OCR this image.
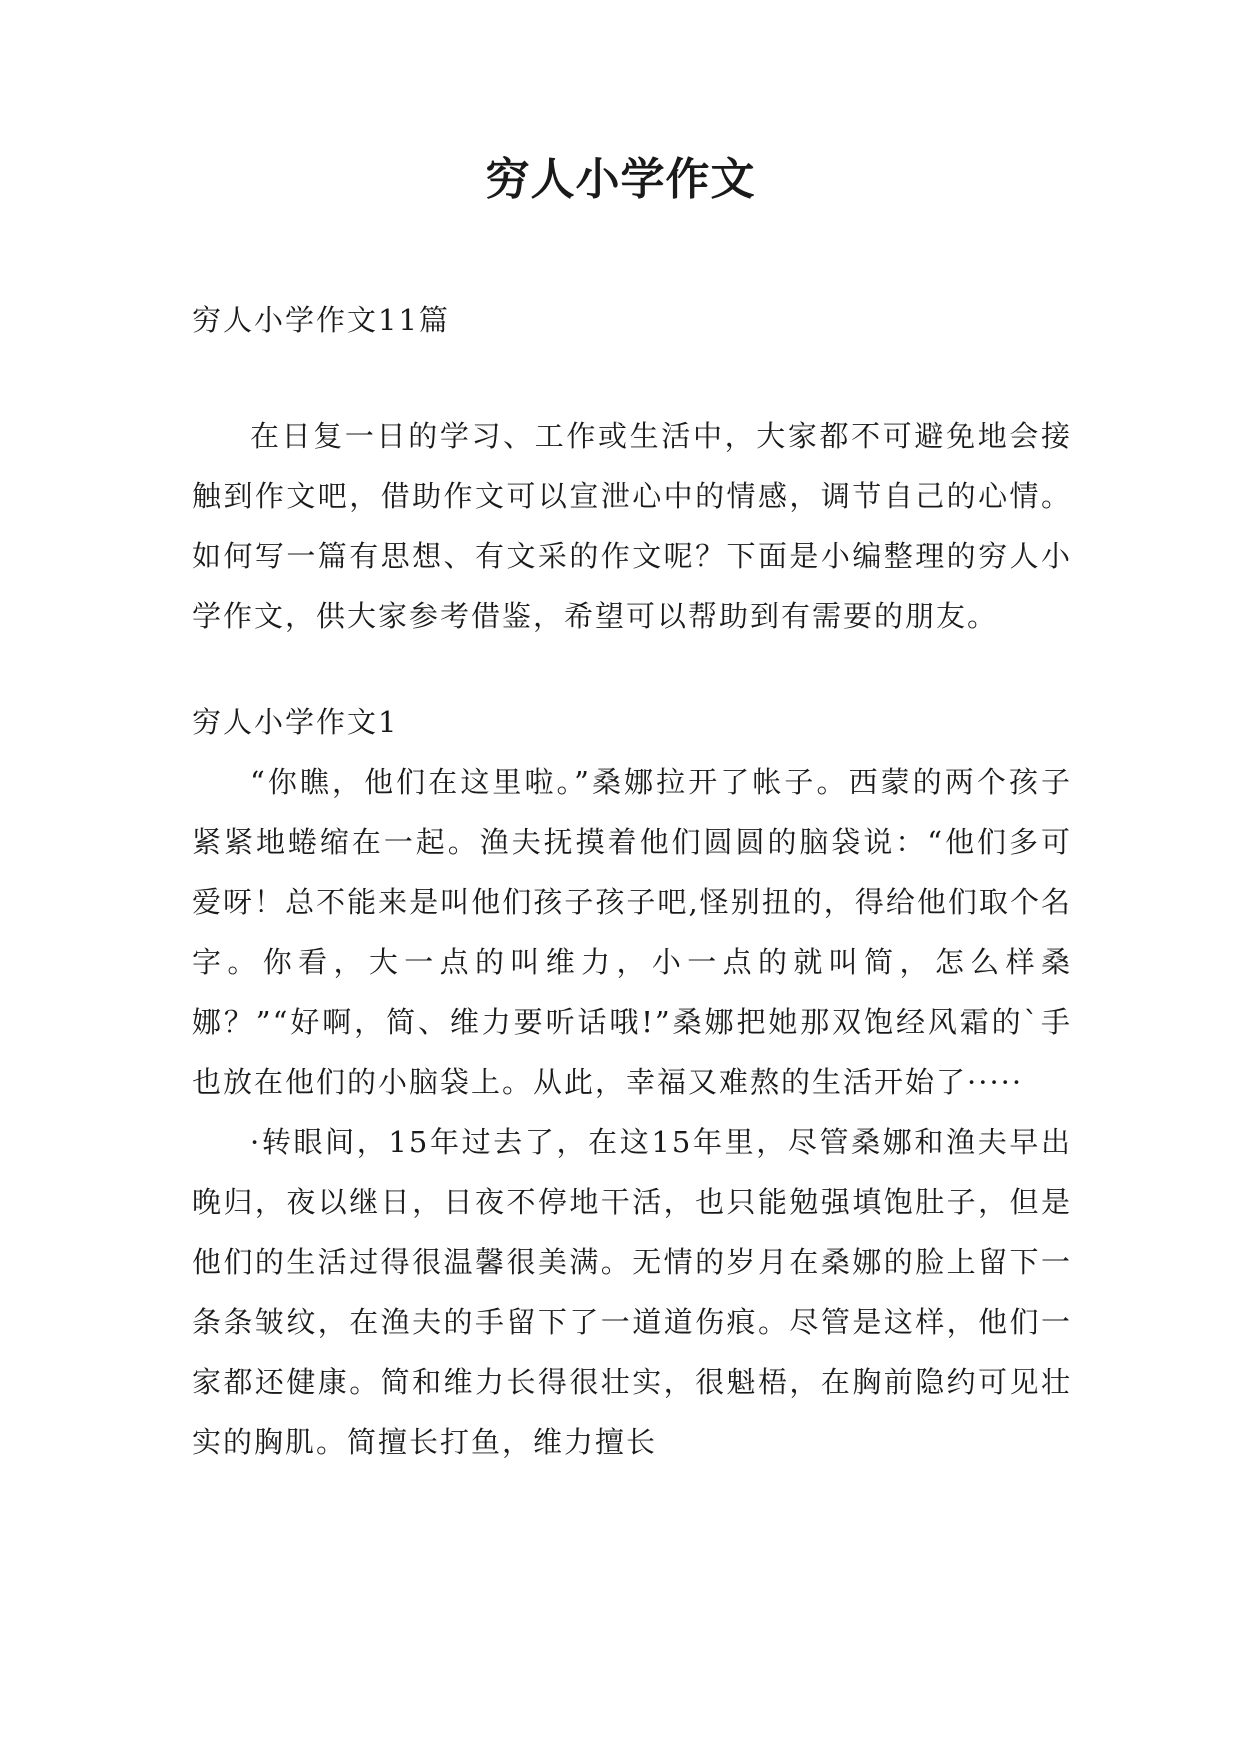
穷人小学作文

穷人小学作文11篇

在日复一日的学习、工作或生活中，大家都不可避免地会接触到作文吧，借助作文可以宣泄心中的情感，调节自己的心情。如何写一篇有思想、有文采的作文呢？下面是小编整理的穷人小学作文，供大家参考借鉴，希望可以帮助到有需要的朋友。

穷人小学作文1

“你瞧，他们在这里啦。”桑娜拉开了帐子。西蒙的两个孩子紧紧地蜷缩在一起。渔夫抚摸着他们圆圆的脑袋说：“他们多可爱呀！总不能来是叫他们孩子孩子吧,怪别扭的，得给他们取个名字。你看，大一点的叫维力，小一点的就叫简，怎么样桑娜？”“好啊，简、维力要听话哦!”桑娜把她那双饱经风霜的`手也放在他们的小脑袋上。从此，幸福又难熬的生活开始了·····

·转眼间，15年过去了，在这15年里，尽管桑娜和渔夫早出晚归，夜以继日，日夜不停地干活，也只能勉强填饱肚子，但是他们的生活过得很温馨很美满。无情的岁月在桑娜的脸上留下一条条皱纹，在渔夫的手留下了一道道伤痕。尽管是这样，他们一家都还健康。简和维力长得很壮实，很魁梧，在胸前隐约可见壮实的胸肌。简擅长打鱼，维力擅长
